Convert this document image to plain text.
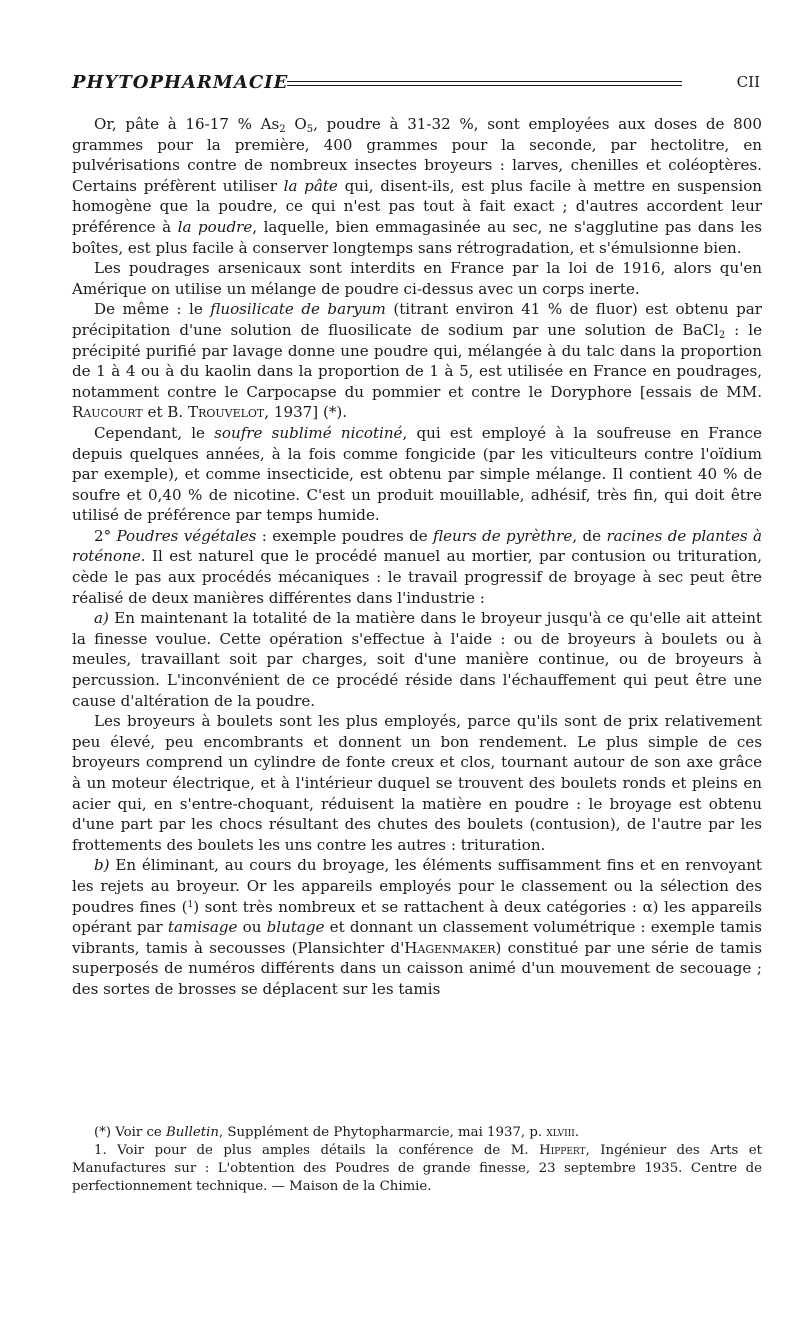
PHYTOPHARMACIE	CII

Or, pâte à 16-17 % $As_2$ $O_5$, poudre à 31-32 %, sont employées aux doses de 800 grammes pour la première, 400 grammes pour la seconde, par hectolitre, en pulvérisations contre de nombreux insectes broyeurs : larves, chenilles et coléoptères. Certains préfèrent utiliser la pâte qui, disent-ils, est plus facile à mettre en suspension homogène que la poudre, ce qui n'est pas tout à fait exact ; d'autres accordent leur préférence à la poudre, laquelle, bien emmagasinée au sec, ne s'agglutine pas dans les boîtes, est plus facile à conserver longtemps sans rétrogradation, et s'émulsionne bien.

Les poudrages arsenicaux sont interdits en France par la loi de 1916, alors qu'en Amérique on utilise un mélange de poudre ci-dessus avec un corps inerte.

De même : le fluosilicate de baryum (titrant environ 41 % de fluor) est obtenu par précipitation d'une solution de fluosilicate de sodium par une solution de BaCl$_2$ : le précipité purifié par lavage donne une poudre qui, mélangée à du talc dans la proportion de 1 à 4 ou à du kaolin dans la proportion de 1 à 5, est utilisée en France en poudrages, notamment contre le Carpocapse du pommier et contre le Doryphore [essais de MM. Raucourt et B. Trouvelot, 1937] (*).

Cependant, le soufre sublimé nicotiné, qui est employé à la soufreuse en France depuis quelques années, à la fois comme fongicide (par les viticulteurs contre l'oïdium par exemple), et comme insecticide, est obtenu par simple mélange. Il contient 40 % de soufre et 0,40 % de nicotine. C'est un produit mouillable, adhésif, très fin, qui doit être utilisé de préférence par temps humide.

2° Poudres végétales : exemple poudres de fleurs de pyrèthre, de racines de plantes à roténone. Il est naturel que le procédé manuel au mortier, par contusion ou trituration, cède le pas aux procédés mécaniques : le travail progressif de broyage à sec peut être réalisé de deux manières différentes dans l'industrie :

a) En maintenant la totalité de la matière dans le broyeur jusqu'à ce qu'elle ait atteint la finesse voulue. Cette opération s'effectue à l'aide : ou de broyeurs à boulets ou à meules, travaillant soit par charges, soit d'une manière continue, ou de broyeurs à percussion. L'inconvénient de ce procédé réside dans l'échauffement qui peut être une cause d'altération de la poudre.

Les broyeurs à boulets sont les plus employés, parce qu'ils sont de prix relativement peu élevé, peu encombrants et donnent un bon rendement. Le plus simple de ces broyeurs comprend un cylindre de fonte creux et clos, tournant autour de son axe grâce à un moteur électrique, et à l'intérieur duquel se trouvent des boulets ronds et pleins en acier qui, en s'entre-choquant, réduisent la matière en poudre : le broyage est obtenu d'une part par les chocs résultant des chutes des boulets (contusion), de l'autre par les frottements des boulets les uns contre les autres : trituration.

b) En éliminant, au cours du broyage, les éléments suffisamment fins et en renvoyant les rejets au broyeur. Or les appareils employés pour le classement ou la sélection des poudres fines ($^1$) sont très nombreux et se rattachent à deux catégories : α) les appareils opérant par tamisage ou blutage et donnant un classement volumétrique : exemple tamis vibrants, tamis à secousses (Plansichter d'Hagenmaker) constitué par une série de tamis superposés de numéros différents dans un caisson animé d'un mouvement de secouage ; des sortes de brosses se déplacent sur les tamis

(*) Voir ce Bulletin, Supplément de Phytopharmarcie, mai 1937, p. xlviii.

1. Voir pour de plus amples détails la conférence de M. Hippert, Ingénieur des Arts et Manufactures sur : L'obtention des Poudres de grande finesse, 23 septembre 1935. Centre de perfectionnement technique. — Maison de la Chimie.
